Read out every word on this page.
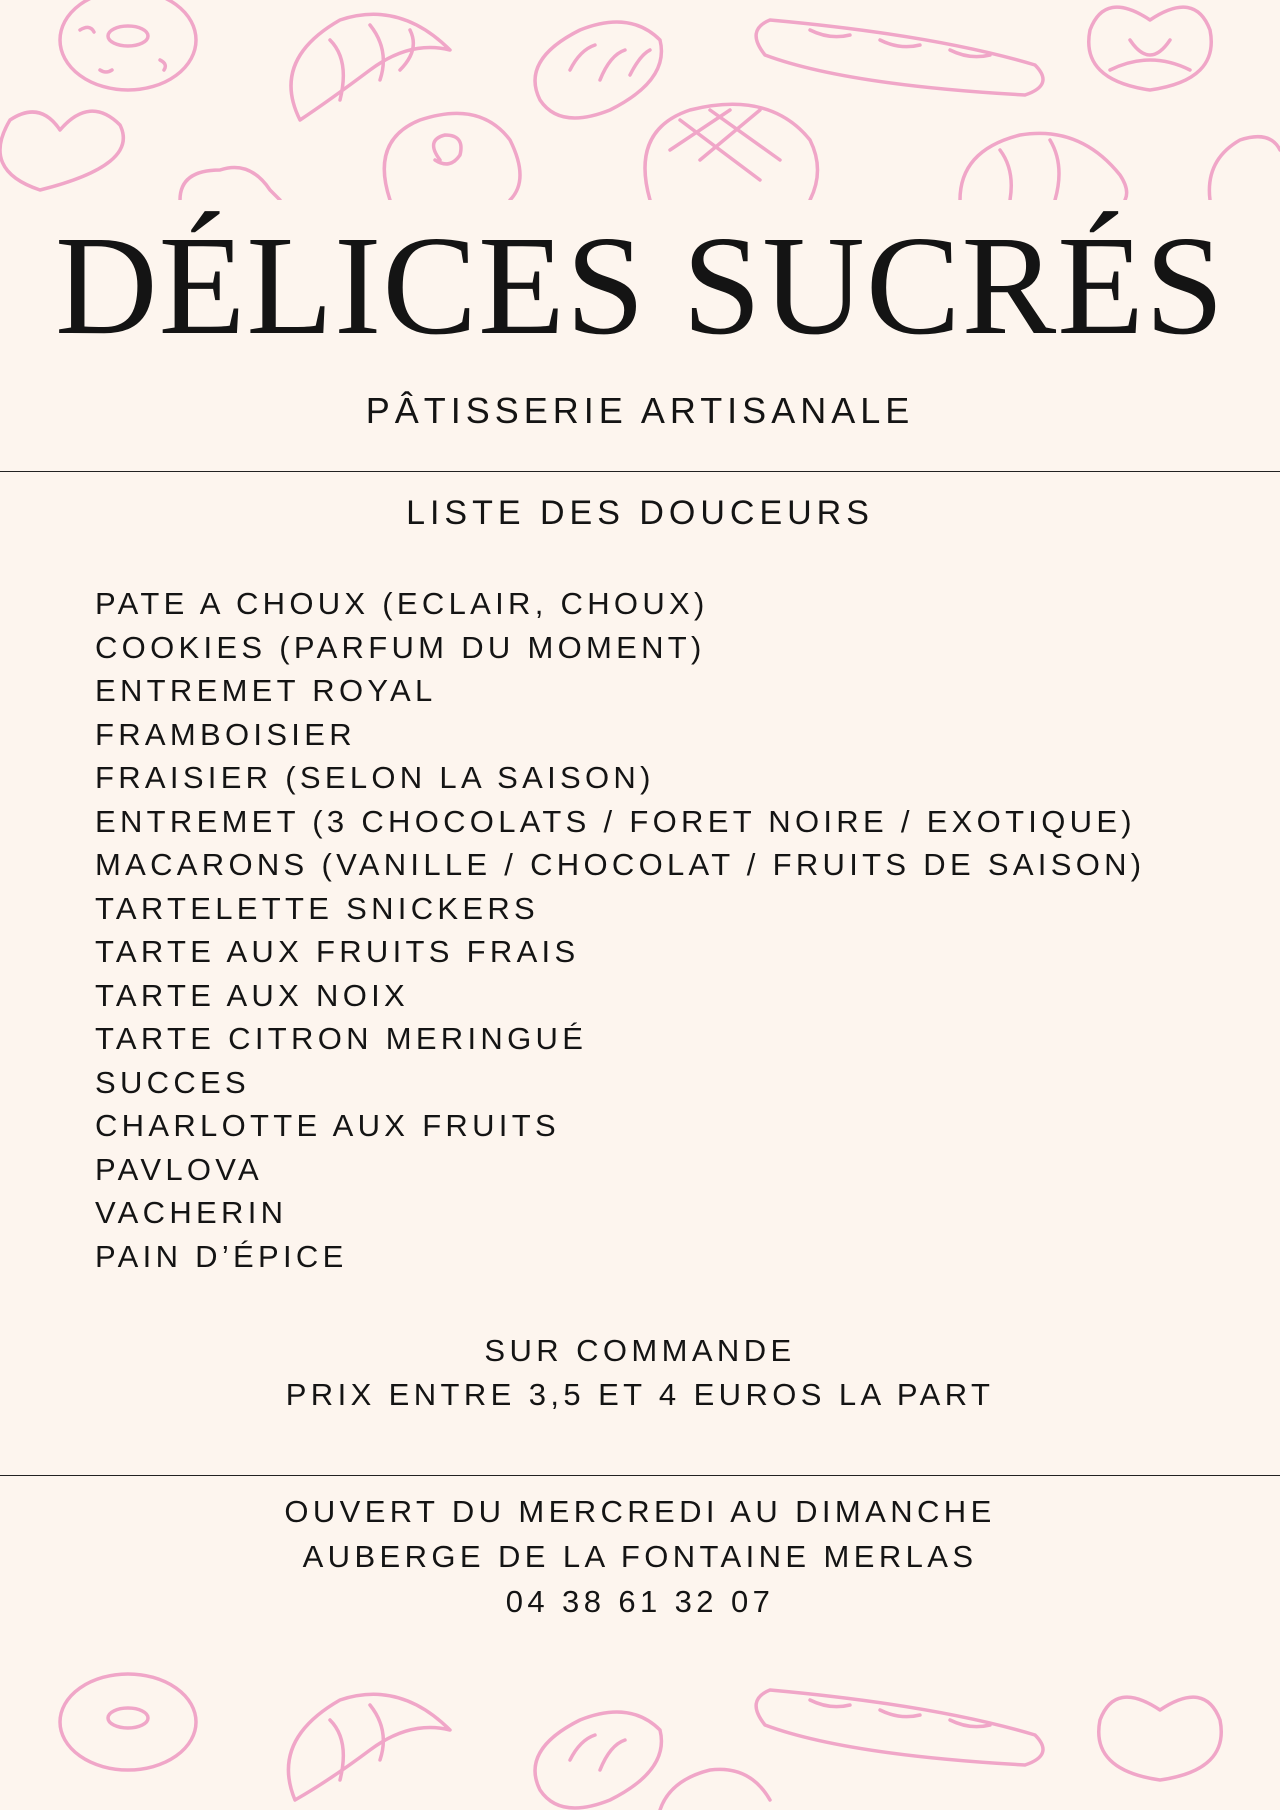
DÉLICES SUCRÉS
PÂTISSERIE ARTISANALE
LISTE DES DOUCEURS
PATE A CHOUX (ECLAIR, CHOUX)
COOKIES (PARFUM DU MOMENT)
ENTREMET ROYAL
FRAMBOISIER
FRAISIER (SELON LA SAISON)
ENTREMET (3 CHOCOLATS / FORET NOIRE / EXOTIQUE)
MACARONS (VANILLE / CHOCOLAT / FRUITS DE SAISON)
TARTELETTE SNICKERS
TARTE AUX FRUITS FRAIS
TARTE AUX NOIX
TARTE CITRON MERINGUÉ
SUCCES
CHARLOTTE AUX FRUITS
PAVLOVA
VACHERIN
PAIN D’ÉPICE
SUR COMMANDE
PRIX ENTRE 3,5 ET 4 EUROS LA PART
OUVERT DU MERCREDI AU DIMANCHE
AUBERGE DE LA FONTAINE MERLAS
04 38 61 32 07
